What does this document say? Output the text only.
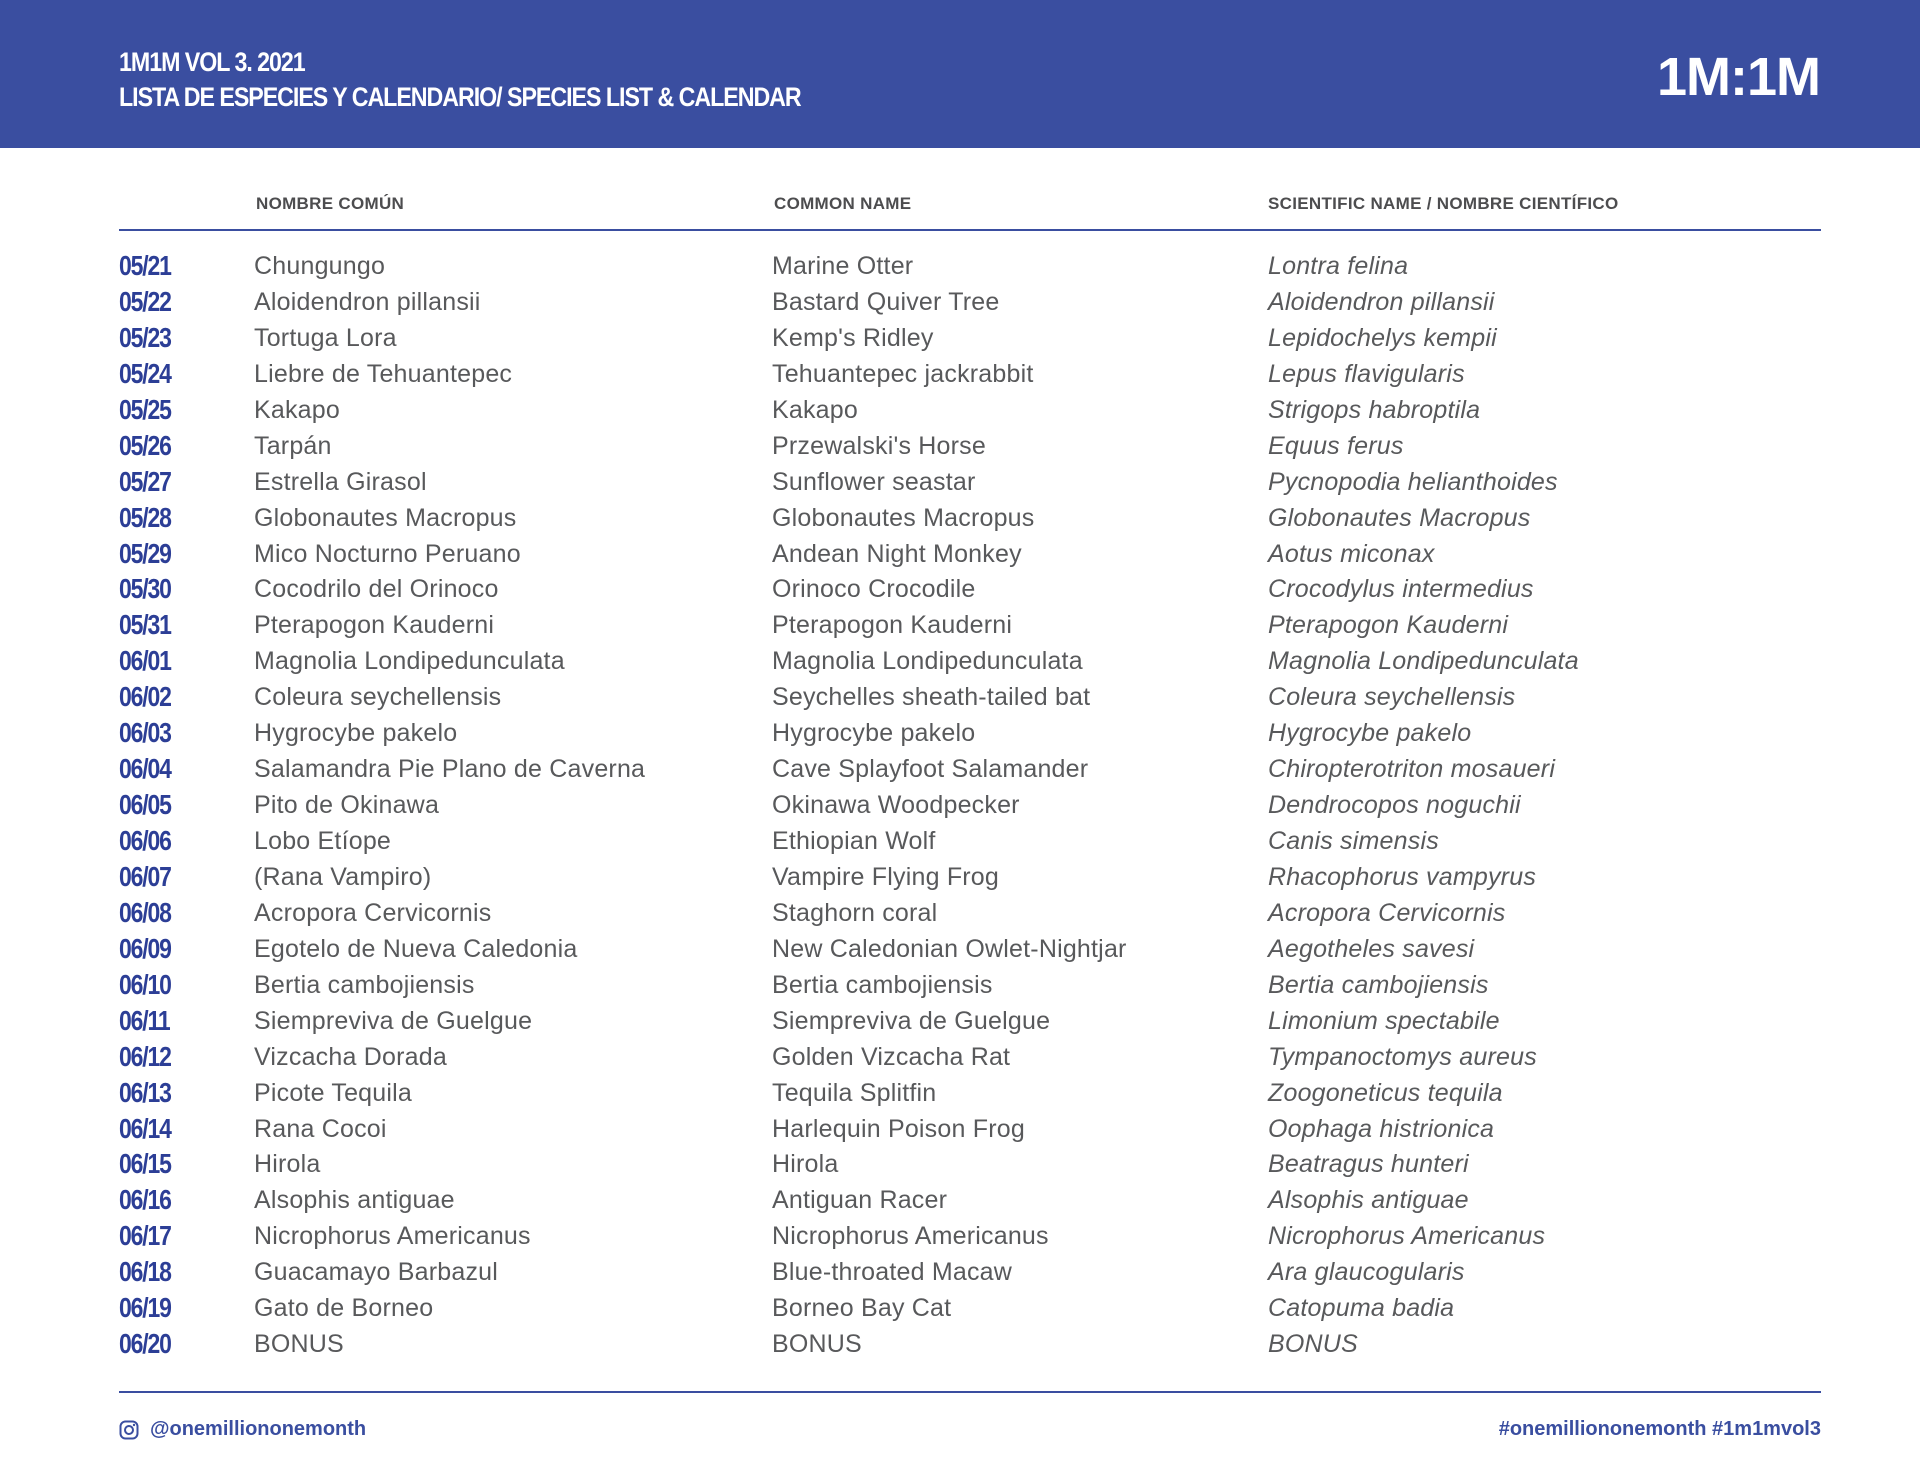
1M1M VOL 3. 2021
LISTA DE ESPECIES Y CALENDARIO/ SPECIES LIST & CALENDAR	1M:1M
NOMBRE COMÚN	COMMON NAME	SCIENTIFIC NAME / NOMBRE CIENTÍFICO
05/21	Chungungo	Marine Otter	Lontra felina
05/22	Aloidendron pillansii	Bastard Quiver Tree	Aloidendron pillansii
05/23	Tortuga Lora	Kemp's Ridley	Lepidochelys kempii
05/24	Liebre de Tehuantepec	Tehuantepec jackrabbit	Lepus flavigularis
05/25	Kakapo	Kakapo	Strigops habroptila
05/26	Tarpán	Przewalski's Horse	Equus ferus
05/27	Estrella Girasol	Sunflower seastar	Pycnopodia helianthoides
05/28	Globonautes Macropus	Globonautes Macropus	Globonautes Macropus
05/29	Mico Nocturno Peruano	Andean Night Monkey	Aotus miconax
05/30	Cocodrilo del Orinoco	Orinoco Crocodile	Crocodylus intermedius
05/31	Pterapogon Kauderni	Pterapogon Kauderni	Pterapogon Kauderni
06/01	Magnolia Londipedunculata	Magnolia Londipedunculata	Magnolia Londipedunculata
06/02	Coleura seychellensis	Seychelles sheath-tailed bat	Coleura seychellensis
06/03	Hygrocybe pakelo	Hygrocybe pakelo	Hygrocybe pakelo
06/04	Salamandra Pie Plano de Caverna	Cave Splayfoot Salamander	Chiropterotriton mosaueri
06/05	Pito de Okinawa	Okinawa Woodpecker	Dendrocopos noguchii
06/06	Lobo Etíope	Ethiopian Wolf	Canis simensis
06/07	(Rana Vampiro)	Vampire Flying Frog	Rhacophorus vampyrus
06/08	Acropora Cervicornis	Staghorn coral	Acropora Cervicornis
06/09	Egotelo de Nueva Caledonia	New Caledonian Owlet-Nightjar	Aegotheles savesi
06/10	Bertia cambojiensis	Bertia cambojiensis	Bertia cambojiensis
06/11	Siempreviva de Guelgue	Siempreviva de Guelgue	Limonium spectabile
06/12	Vizcacha Dorada	Golden Vizcacha Rat	Tympanoctomys aureus
06/13	Picote Tequila	Tequila Splitfin	Zoogoneticus tequila
06/14	Rana Cocoi	Harlequin Poison Frog	Oophaga histrionica
06/15	Hirola	Hirola	Beatragus hunteri
06/16	Alsophis antiguae	Antiguan Racer	Alsophis antiguae
06/17	Nicrophorus Americanus	Nicrophorus Americanus	Nicrophorus Americanus
06/18	Guacamayo Barbazul	Blue-throated Macaw	Ara glaucogularis
06/19	Gato de Borneo	Borneo Bay Cat	Catopuma badia
06/20	BONUS	BONUS	BONUS
@onemilliononemonth	#onemilliononemonth #1m1mvol3
